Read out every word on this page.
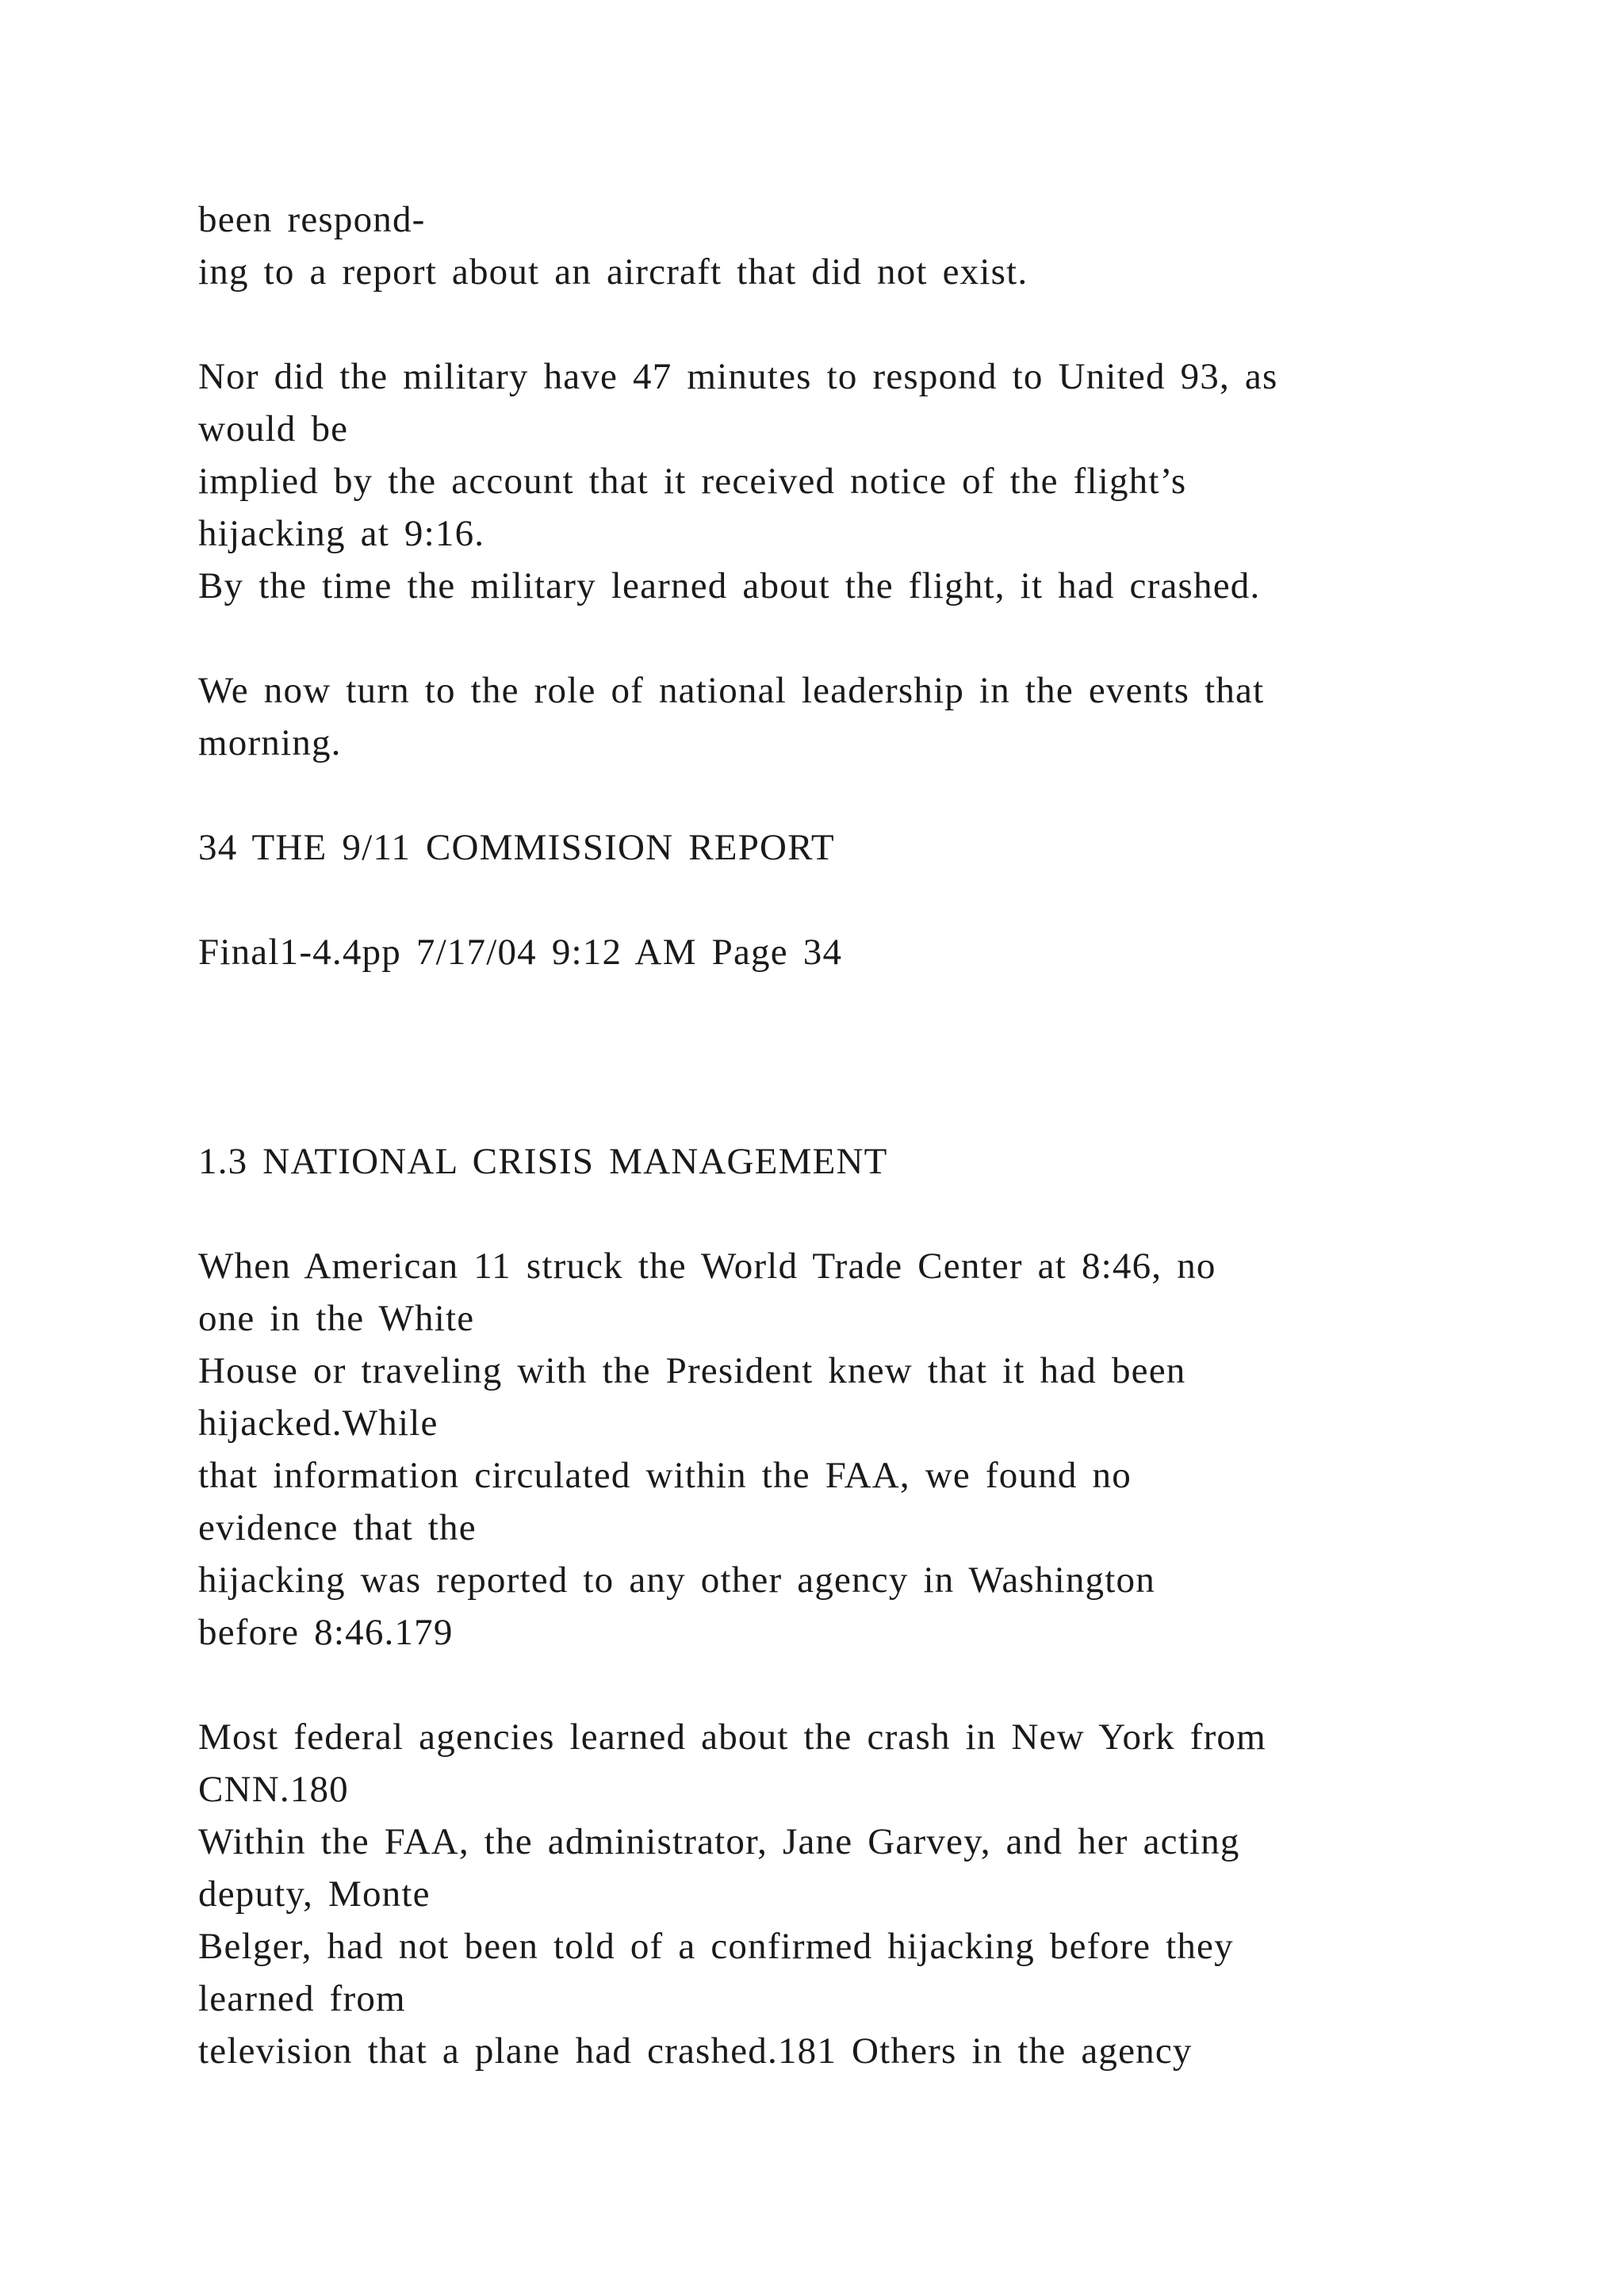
been respond-

ing to a report about an aircraft that did not exist.

Nor did the military have 47 minutes to respond to United 93, as

would be

implied by the account that it received notice of the flight’s

hijacking at 9:16.

By the time the military learned about the flight, it had crashed.

We now turn to the role of national leadership in the events that

morning.

34 THE 9/11 COMMISSION REPORT

Final1-4.4pp 7/17/04 9:12 AM Page 34

1.3 NATIONAL CRISIS MANAGEMENT

When American 11 struck the World Trade Center at 8:46, no

one in the White

House or traveling with the President knew that it had been

hijacked.While

that information circulated within the FAA, we found no

evidence that the

hijacking was reported to any other agency in Washington

before 8:46.179

Most federal agencies learned about the crash in New York from

CNN.180

Within the FAA, the administrator, Jane Garvey, and her acting

deputy, Monte

Belger, had not been told of a confirmed hijacking before they

learned from

television that a plane had crashed.181 Others in the agency
